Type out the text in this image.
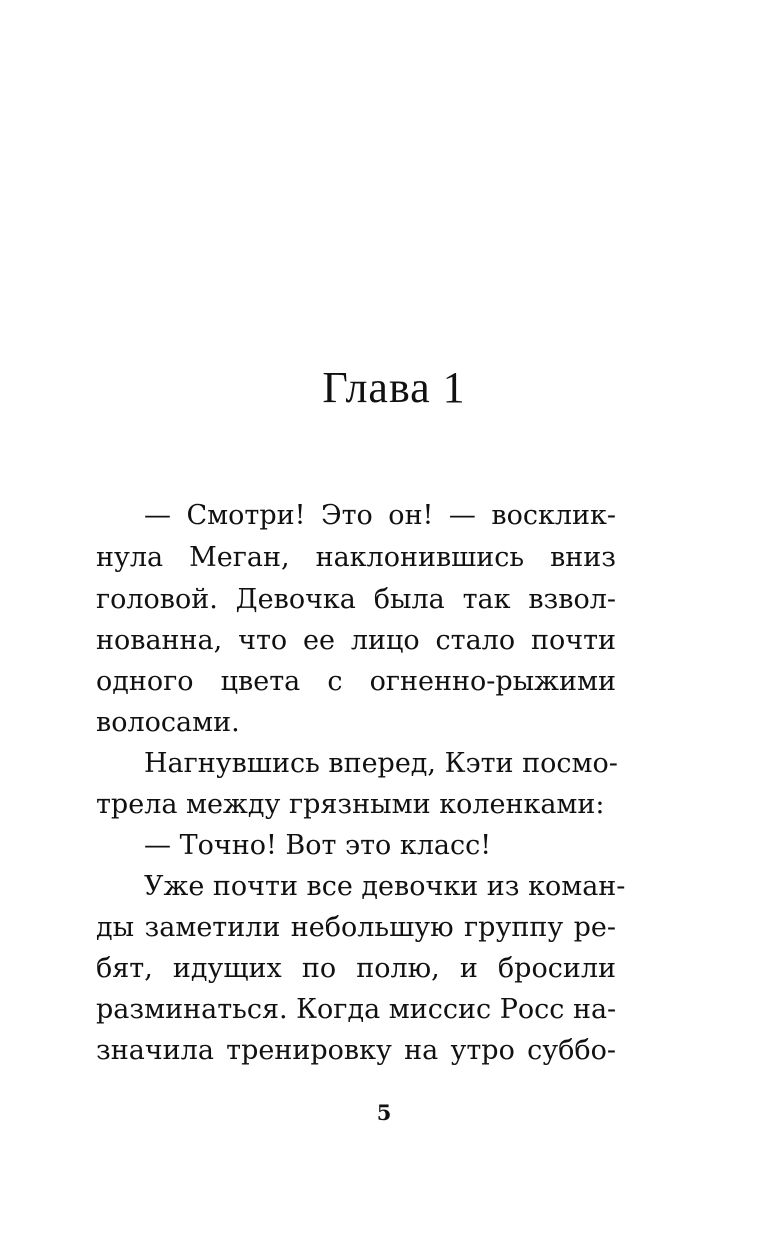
Глава 1
— Смотри! Это он! — восклик-
нула Меган, наклонившись вниз
головой. Девочка была так взвол-
нованна, что ее лицо стало почти
одного цвета с огненно-рыжими
волосами.
Нагнувшись вперед, Кэти посмо-
трела между грязными коленками:
— Точно! Вот это класс!
Уже почти все девочки из коман-
ды заметили небольшую группу ре-
бят, идущих по полю, и бросили
разминаться. Когда миссис Росс на-
значила тренировку на утро суббо-
5
